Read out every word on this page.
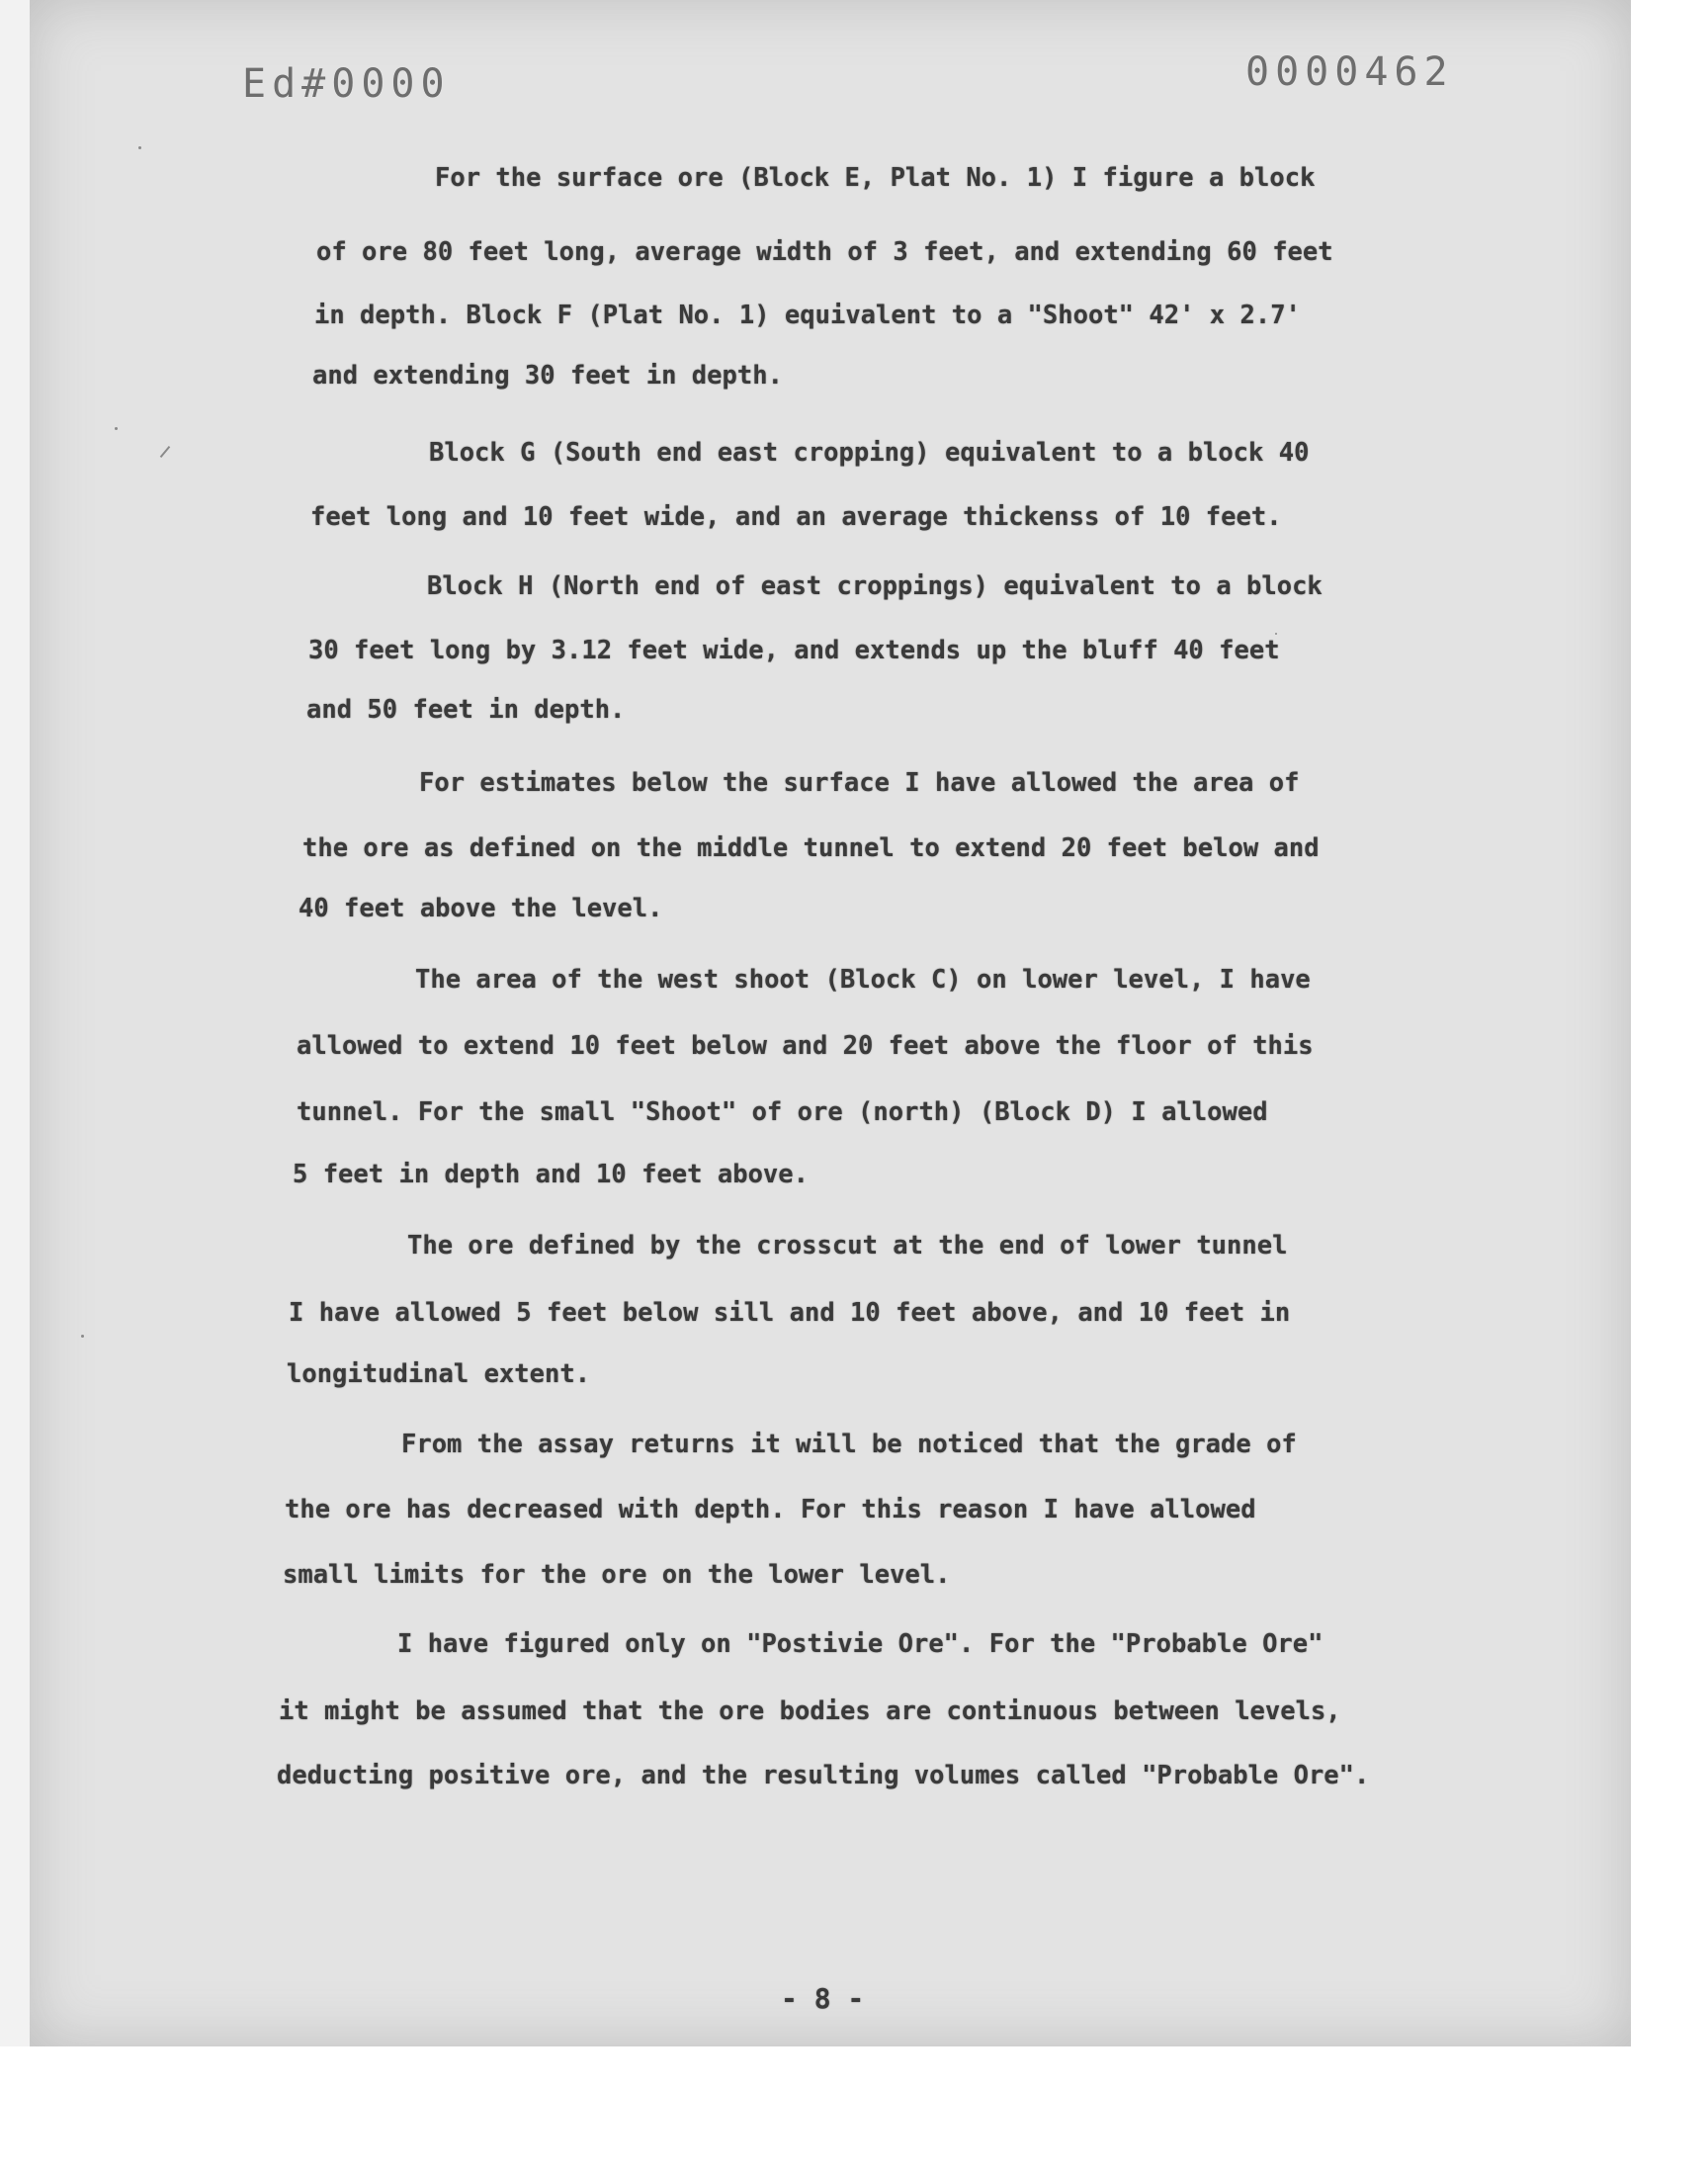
Ed#0000	0000462
For the surface ore (Block E, Plat No. 1) I figure a block
of ore 80 feet long, average width of 3 feet, and extending 60 feet
in depth. Block F (Plat No. 1) equivalent to a "Shoot" 42' x 2.7'
and extending 30 feet in depth.
Block G (South end east cropping) equivalent to a block 40
feet long and 10 feet wide, and an average thickenss of 10 feet.
Block H (North end of east croppings) equivalent to a block
30 feet long by 3.12 feet wide, and extends up the bluff 40 feet
and 50 feet in depth.
For estimates below the surface I have allowed the area of
the ore as defined on the middle tunnel to extend 20 feet below and
40 feet above the level.
The area of the west shoot (Block C) on lower level, I have
allowed to extend 10 feet below and 20 feet above the floor of this
tunnel. For the small "Shoot" of ore (north) (Block D) I allowed
5 feet in depth and 10 feet above.
The ore defined by the crosscut at the end of lower tunnel
I have allowed 5 feet below sill and 10 feet above, and 10 feet in
longitudinal extent.
From the assay returns it will be noticed that the grade of
the ore has decreased with depth. For this reason I have allowed
small limits for the ore on the lower level.
I have figured only on "Postivie Ore". For the "Probable Ore"
it might be assumed that the ore bodies are continuous between levels,
deducting positive ore, and the resulting volumes called "Probable Ore".
- 8 -
